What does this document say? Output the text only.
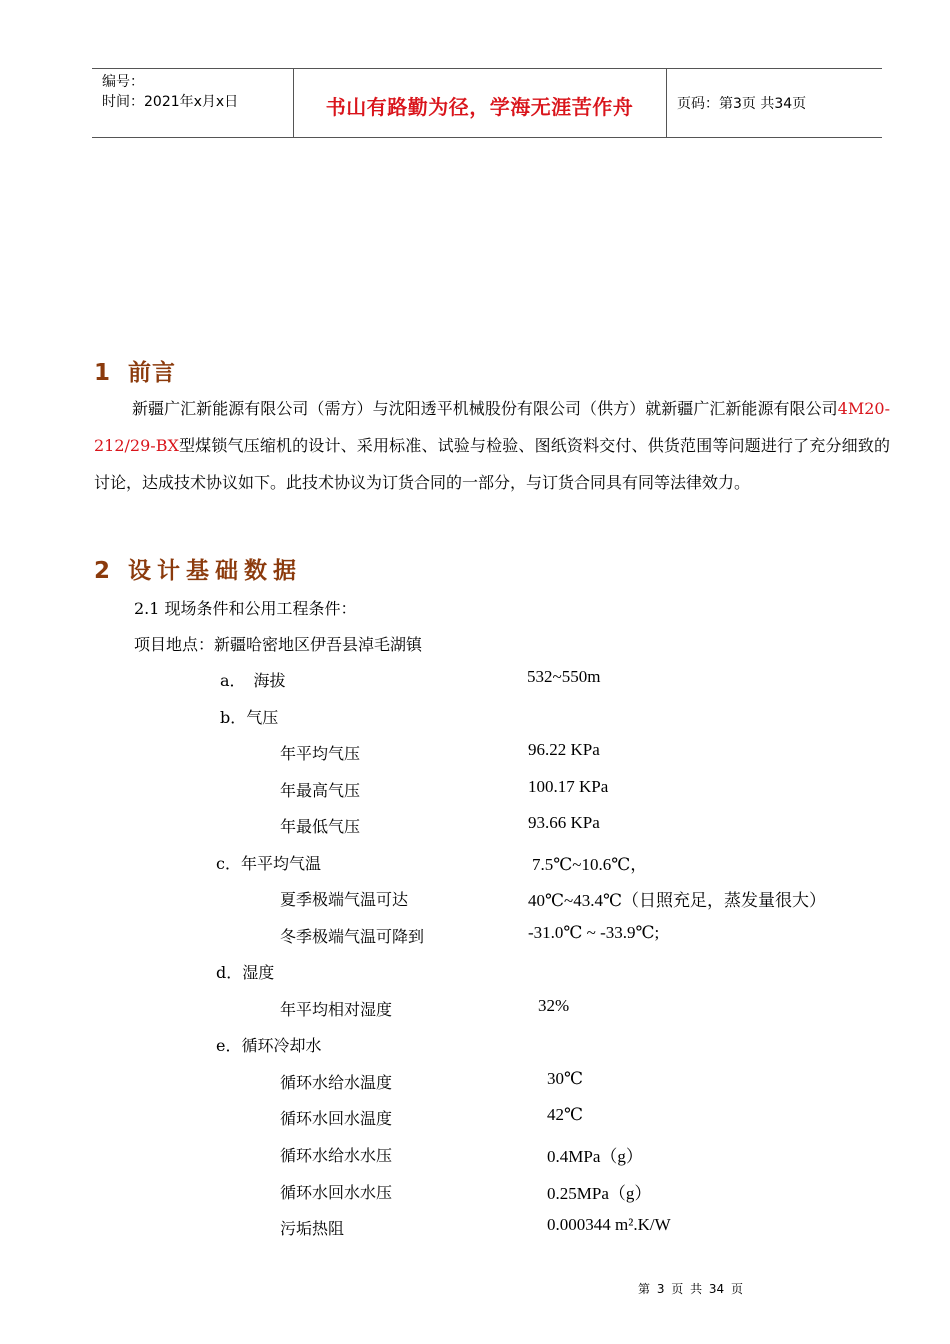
编号：
时间：2021年x月x日	书山有路勤为径，学海无涯苦作舟	页码：第3页 共34页
1 前言
新疆广汇新能源有限公司（需方）与沈阳透平机械股份有限公司（供方）就新疆广汇新能源有限公司4M20-212/29-BX型煤锁气压缩机的设计、采用标准、试验与检验、图纸资料交付、供货范围等问题进行了充分细致的讨论，达成技术协议如下。此技术协议为订货合同的一部分，与订货合同具有同等法律效力。
2 设计基础数据
2.1 现场条件和公用工程条件：
项目地点：新疆哈密地区伊吾县淖毛湖镇
a．　海拔	532~550m
b．气压
年平均气压	96.22 KPa
年最高气压	100.17 KPa
年最低气压	93.66 KPa
c．年平均气温	7.5℃~10.6℃，
夏季极端气温可达	40℃~43.4℃（日照充足，蒸发量很大）
冬季极端气温可降到	-31.0℃ ~ -33.9℃;
d．湿度
年平均相对湿度	32%
e．循环冷却水
循环水给水温度	30℃
循环水回水温度	42℃
循环水给水水压	0.4MPa（g）
循环水回水水压	0.25MPa（g）
污垢热阻	0.000344 m².K/W
第 3 页 共 34 页
